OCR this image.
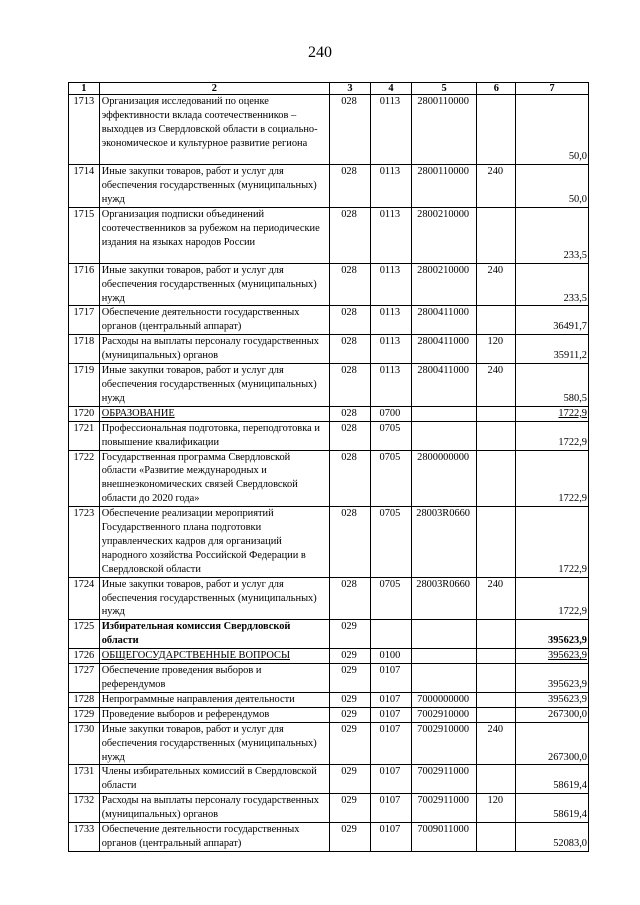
240
1	2	3	4	5	6	7
1713	Организация исследований по оценке эффективности вклада соотечественников – выходцев из Свердловской области в социально-экономическое и культурное развитие региона	028	0113	2800110000		50,0
1714	Иные закупки товаров, работ и услуг для обеспечения государственных (муниципальных) нужд	028	0113	2800110000	240	50,0
1715	Организация подписки объединений соотечественников за рубежом на периодические издания на языках народов России	028	0113	2800210000		233,5
1716	Иные закупки товаров, работ и услуг для обеспечения государственных (муниципальных) нужд	028	0113	2800210000	240	233,5
1717	Обеспечение деятельности государственных органов (центральный аппарат)	028	0113	2800411000		36491,7
1718	Расходы на выплаты персоналу государственных (муниципальных) органов	028	0113	2800411000	120	35911,2
1719	Иные закупки товаров, работ и услуг для обеспечения государственных (муниципальных) нужд	028	0113	2800411000	240	580,5
1720	ОБРАЗОВАНИЕ	028	0700			1722,9
1721	Профессиональная подготовка, переподготовка и повышение квалификации	028	0705			1722,9
1722	Государственная программа Свердловской области «Развитие международных и внешнеэкономических связей Свердловской области до 2020 года»	028	0705	2800000000		1722,9
1723	Обеспечение реализации мероприятий Государственного плана подготовки управленческих кадров для организаций народного хозяйства Российской Федерации в Свердловской области	028	0705	28003R0660		1722,9
1724	Иные закупки товаров, работ и услуг для обеспечения государственных (муниципальных) нужд	028	0705	28003R0660	240	1722,9
1725	Избирательная комиссия Свердловской области	029				395623,9
1726	ОБЩЕГОСУДАРСТВЕННЫЕ ВОПРОСЫ	029	0100			395623,9
1727	Обеспечение проведения выборов и референдумов	029	0107			395623,9
1728	Непрограммные направления деятельности	029	0107	7000000000		395623,9
1729	Проведение выборов и референдумов	029	0107	7002910000		267300,0
1730	Иные закупки товаров, работ и услуг для обеспечения государственных (муниципальных) нужд	029	0107	7002910000	240	267300,0
1731	Члены избирательных комиссий в Свердловской области	029	0107	7002911000		58619,4
1732	Расходы на выплаты персоналу государственных (муниципальных) органов	029	0107	7002911000	120	58619,4
1733	Обеспечение деятельности государственных органов (центральный аппарат)	029	0107	7009011000		52083,0
